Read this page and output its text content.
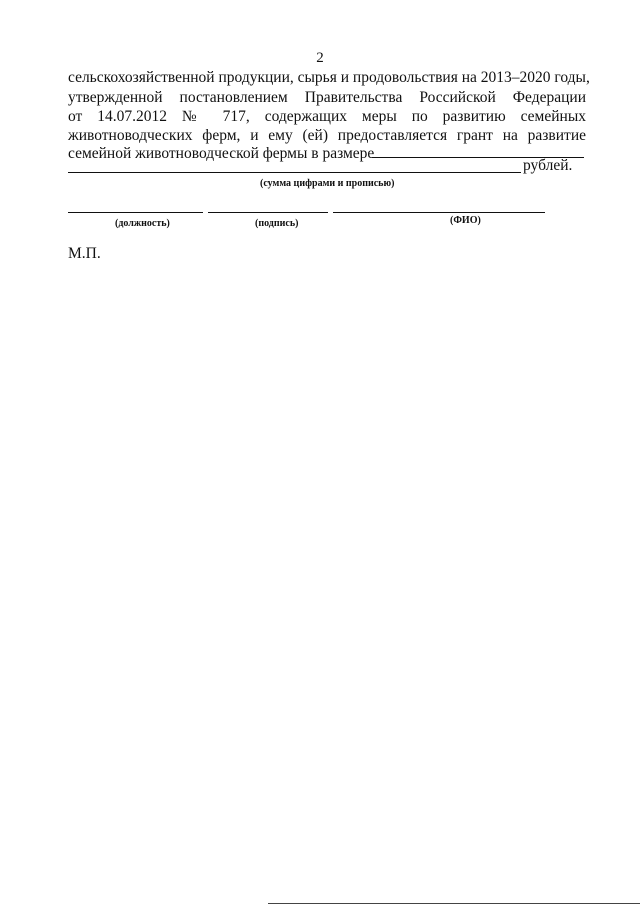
2
сельскохозяйственной продукции, сырья и продовольствия на 2013–2020 годы,
утвержденной постановлением Правительства Российской Федерации
от 14.07.2012 № 717, содержащих меры по развитию семейных
животноводческих ферм, и ему (ей) предоставляется грант на развитие
семейной животноводческой фермы в размере
рублей.
(сумма цифрами и прописью)
(должность)	(подпись)	(ФИО)
М.П.
